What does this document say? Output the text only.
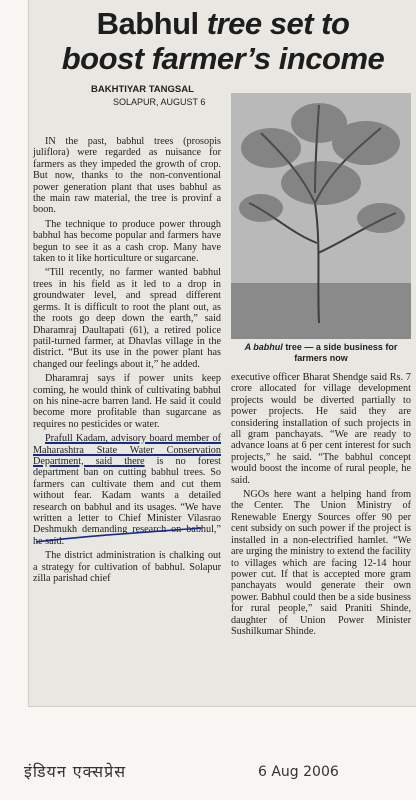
Babhul tree set to
boost farmer’s income
BAKHTIYAR TANGSAL
SOLAPUR, AUGUST 6

IN the past, babhul trees (prosopis juliflora) were regarded as nuisance for farmers as they impeded the growth of crop. But now, thanks to the non-conventional power generation plant that uses babhul as the main raw material, the tree is provinf a boon.

The technique to produce power through babhul has become popular and farmers have begun to see it as a cash crop. Many have taken to it like horticulture or sugarcane.

“Till recently, no farmer wanted babhul trees in his field as it led to a drop in groundwater level, and spread different germs. It is difficult to root the plant out, as the roots go deep down the earth,” said Dharamraj Daultapati (61), a retired police patil-turned farmer, at Dhavlas village in the district. “But its use in the power plant has changed our feelings about it,” he added.

Dharamraj says if power units keep coming, he would think of cultivating babhul on his nine-acre barren land. He said it could become more profitable than sugarcane as requires no pesticides or water.

Prafull Kadam, advisory board member of Maharashtra State Water Conservation Department, said there is no forest department ban on cutting babhul trees. So farmers can cultivate them and cut them without fear. Kadam wants a detailed research on babhul and its usages. “We have written a letter to Chief Minister Vilasrao Deshmukh demanding research on babhul,” he said.

The district administration is chalking out a strategy for cultivation of babhul. Solapur zilla parishad chief

A babhul tree — a side business for farmers now

executive officer Bharat Shendge said Rs. 7 crore allocated for village development projects would be diverted partially to power projects. He said they are considering installation of such projects in all gram panchayats. “We are ready to advance loans at 6 per cent interest for such projects,” he said. “The babhul concept would boost the income of rural people, he said.

NGOs here want a helping hand from the Center. The Union Ministry of Renewable Energy Sources offer 90 per cent subsidy on such power if the project is installed in a non-electrified hamlet. “We are urging the ministry to extend the facility to villages which are facing 12-14 hour power cut. If that is accepted more gram panchayats would generate their own power. Babhul could then be a side business for rural people,” said Praniti Shinde, daughter of Union Power Minister Sushilkumar Shinde.

इंडियन एक्सप्रेस	6 Aug 2006
